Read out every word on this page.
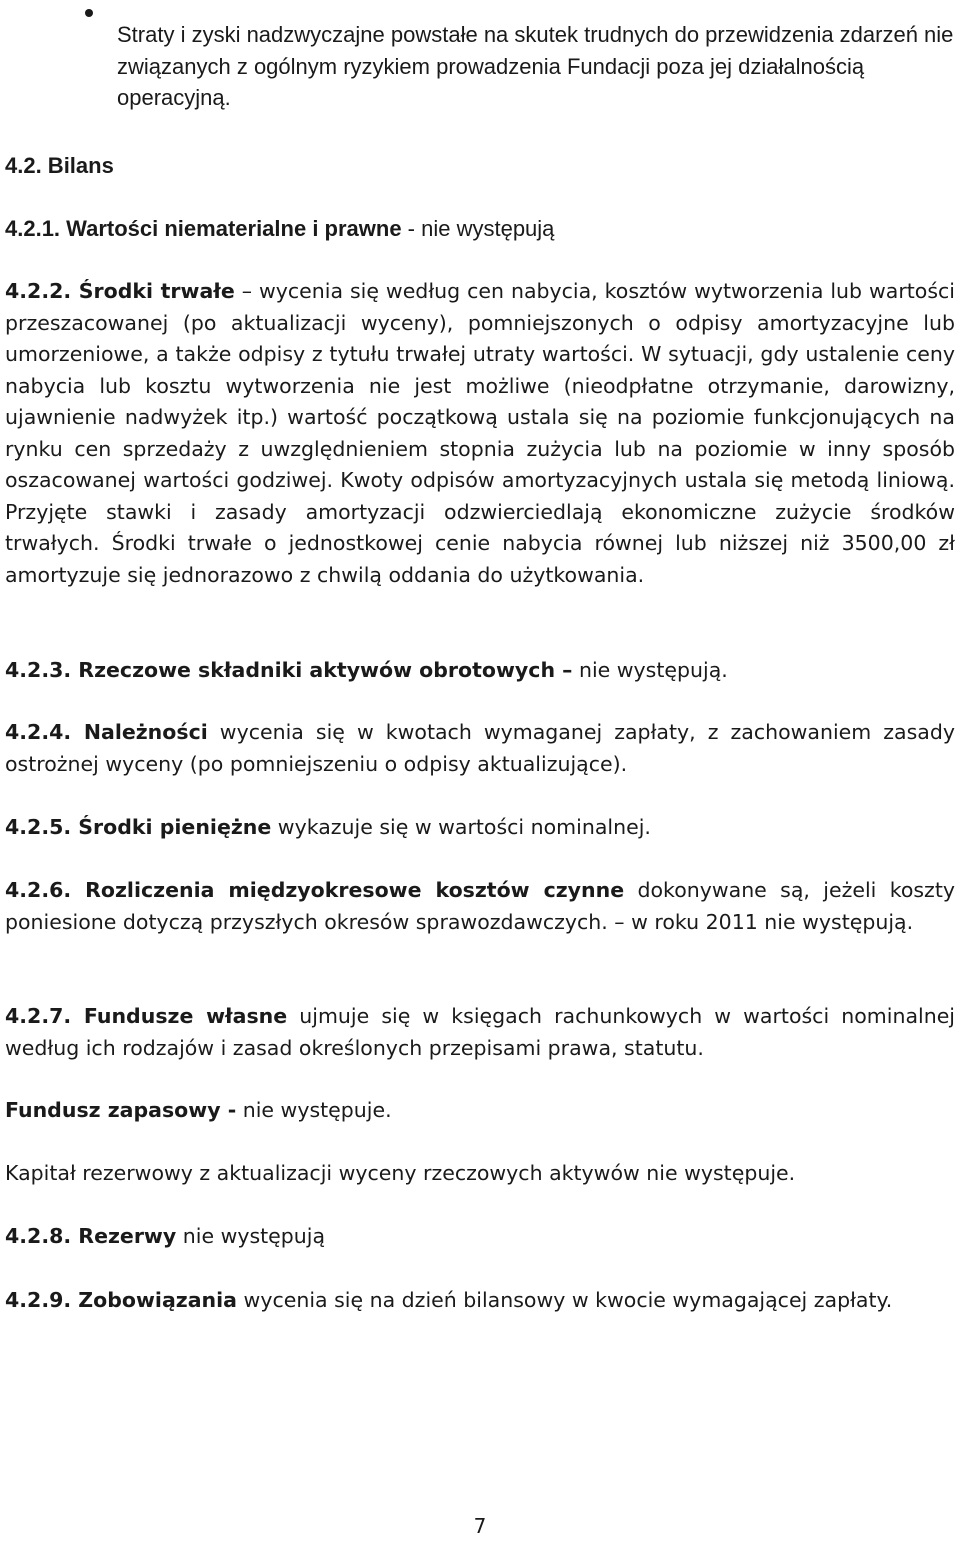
Straty i zyski nadzwyczajne powstałe na skutek trudnych do przewidzenia zdarzeń nie związanych z ogólnym ryzykiem prowadzenia Fundacji poza jej działalnością operacyjną.

4.2. Bilans

4.2.1. Wartości niematerialne i prawne - nie występują

4.2.2. Środki trwałe – wycenia się według cen nabycia, kosztów wytworzenia lub wartości przeszacowanej (po aktualizacji wyceny), pomniejszonych o odpisy amortyzacyjne lub umorzeniowe, a także odpisy z tytułu trwałej utraty wartości. W sytuacji, gdy ustalenie ceny nabycia lub kosztu wytworzenia nie jest możliwe (nieodpłatne otrzymanie, darowizny, ujawnienie nadwyżek itp.) wartość początkową ustala się na poziomie funkcjonujących na rynku cen sprzedaży z uwzględnieniem stopnia zużycia lub na poziomie w inny sposób oszacowanej wartości godziwej. Kwoty odpisów amortyzacyjnych ustala się metodą liniową. Przyjęte stawki i zasady amortyzacji odzwierciedlają ekonomiczne zużycie środków trwałych. Środki trwałe o jednostkowej cenie nabycia równej lub niższej niż 3500,00 zł amortyzuje się jednorazowo z chwilą oddania do użytkowania.

4.2.3. Rzeczowe składniki aktywów obrotowych – nie występują.

4.2.4. Należności wycenia się w kwotach wymaganej zapłaty, z zachowaniem zasady ostrożnej wyceny (po pomniejszeniu o odpisy aktualizujące).

4.2.5. Środki pieniężne wykazuje się w wartości nominalnej.

4.2.6. Rozliczenia międzyokresowe kosztów czynne dokonywane są, jeżeli koszty poniesione dotyczą przyszłych okresów sprawozdawczych. – w roku 2011 nie występują.

4.2.7. Fundusze własne ujmuje się w księgach rachunkowych w wartości nominalnej według ich rodzajów i zasad określonych przepisami prawa, statutu.

Fundusz zapasowy - nie występuje.

Kapitał rezerwowy z aktualizacji wyceny rzeczowych aktywów nie występuje.

4.2.8. Rezerwy nie występują

4.2.9. Zobowiązania wycenia się na dzień bilansowy w kwocie wymagającej zapłaty.

7
